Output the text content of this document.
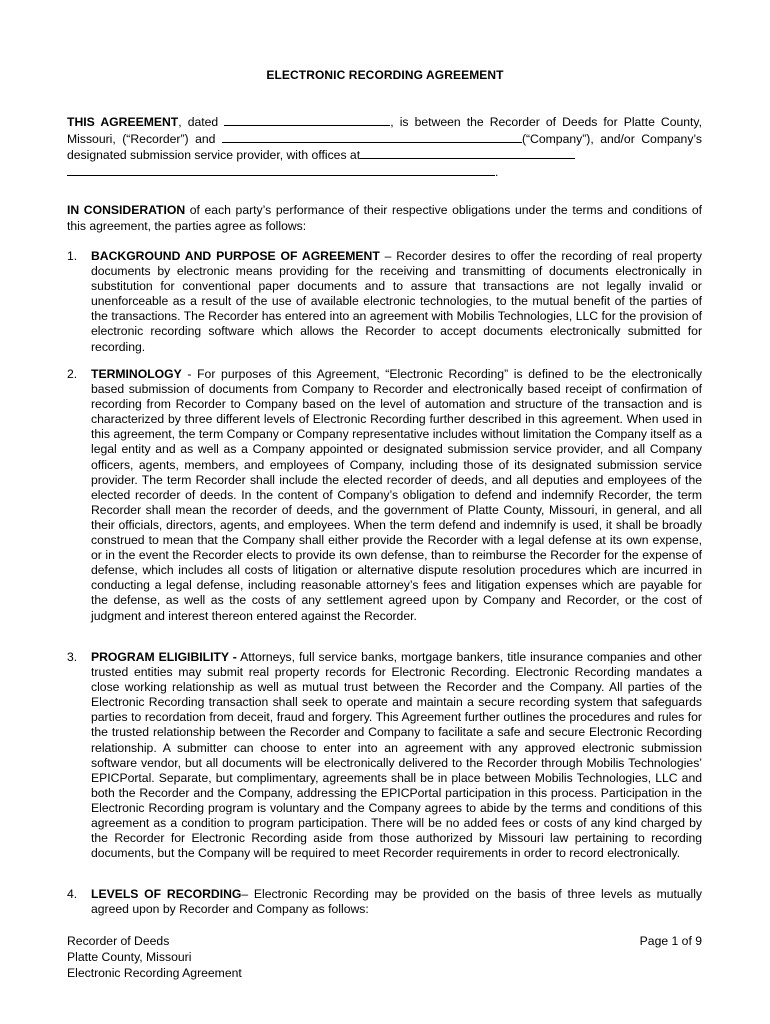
ELECTRONIC RECORDING AGREEMENT
THIS AGREEMENT, dated	, is between the Recorder of Deeds for Platte County, Missouri, (“Recorder”) and	(“Company”), and/or Company’s designated submission service provider, with offices at
.
IN CONSIDERATION of each party’s performance of their respective obligations under the terms and conditions of this agreement, the parties agree as follows:
1. BACKGROUND AND PURPOSE OF AGREEMENT – Recorder desires to offer the recording of real property documents by electronic means providing for the receiving and transmitting of documents electronically in substitution for conventional paper documents and to assure that transactions are not legally invalid or unenforceable as a result of the use of available electronic technologies, to the mutual benefit of the parties of the transactions. The Recorder has entered into an agreement with Mobilis Technologies, LLC for the provision of electronic recording software which allows the Recorder to accept documents electronically submitted for recording.
2. TERMINOLOGY - For purposes of this Agreement, “Electronic Recording” is defined to be the electronically based submission of documents from Company to Recorder and electronically based receipt of confirmation of recording from Recorder to Company based on the level of automation and structure of the transaction and is characterized by three different levels of Electronic Recording further described in this agreement. When used in this agreement, the term Company or Company representative includes without limitation the Company itself as a legal entity and as well as a Company appointed or designated submission service provider, and all Company officers, agents, members, and employees of Company, including those of its designated submission service provider. The term Recorder shall include the elected recorder of deeds, and all deputies and employees of the elected recorder of deeds. In the content of Company’s obligation to defend and indemnify Recorder, the term Recorder shall mean the recorder of deeds, and the government of Platte County, Missouri, in general, and all their officials, directors, agents, and employees. When the term defend and indemnify is used, it shall be broadly construed to mean that the Company shall either provide the Recorder with a legal defense at its own expense, or in the event the Recorder elects to provide its own defense, than to reimburse the Recorder for the expense of defense, which includes all costs of litigation or alternative dispute resolution procedures which are incurred in conducting a legal defense, including reasonable attorney’s fees and litigation expenses which are payable for the defense, as well as the costs of any settlement agreed upon by Company and Recorder, or the cost of judgment and interest thereon entered against the Recorder.
3. PROGRAM ELIGIBILITY - Attorneys, full service banks, mortgage bankers, title insurance companies and other trusted entities may submit real property records for Electronic Recording. Electronic Recording mandates a close working relationship as well as mutual trust between the Recorder and the Company. All parties of the Electronic Recording transaction shall seek to operate and maintain a secure recording system that safeguards parties to recordation from deceit, fraud and forgery. This Agreement further outlines the procedures and rules for the trusted relationship between the Recorder and Company to facilitate a safe and secure Electronic Recording relationship. A submitter can choose to enter into an agreement with any approved electronic submission software vendor, but all documents will be electronically delivered to the Recorder through Mobilis Technologies’ EPICPortal. Separate, but complimentary, agreements shall be in place between Mobilis Technologies, LLC and both the Recorder and the Company, addressing the EPICPortal participation in this process. Participation in the Electronic Recording program is voluntary and the Company agrees to abide by the terms and conditions of this agreement as a condition to program participation. There will be no added fees or costs of any kind charged by the Recorder for Electronic Recording aside from those authorized by Missouri law pertaining to recording documents, but the Company will be required to meet Recorder requirements in order to record electronically.
4. LEVELS OF RECORDING– Electronic Recording may be provided on the basis of three levels as mutually agreed upon by Recorder and Company as follows:
Recorder of Deeds
Platte County, Missouri
Electronic Recording Agreement
Page 1 of 9
